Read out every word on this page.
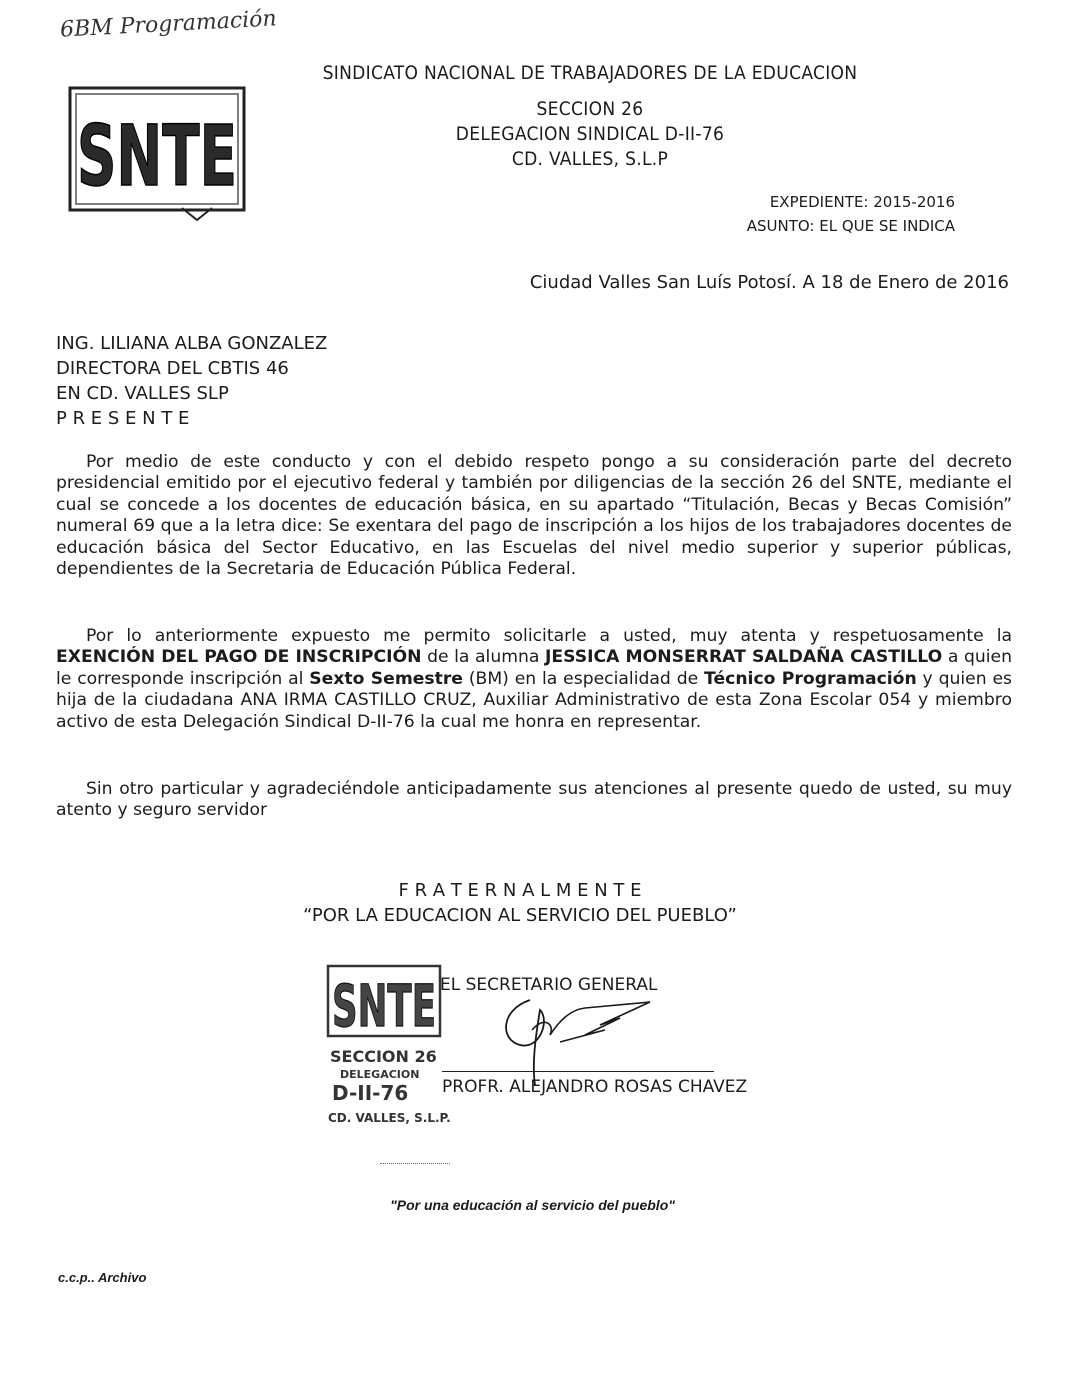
6BM Programación
SNTE
SINDICATO NACIONAL DE TRABAJADORES DE LA EDUCACION
SECCION 26
DELEGACION SINDICAL D-II-76
CD. VALLES, S.L.P
EXPEDIENTE: 2015-2016
ASUNTO: EL QUE SE INDICA
Ciudad Valles San Luís Potosí. A 18 de Enero de 2016
ING. LILIANA ALBA GONZALEZ
DIRECTORA DEL CBTIS 46
EN CD. VALLES SLP
P R E S E N T E
Por medio de este conducto y con el debido respeto pongo a su consideración parte del decreto presidencial emitido por el ejecutivo federal y también por diligencias de la sección 26 del SNTE, mediante el cual se concede a los docentes de educación básica, en su apartado “Titulación, Becas y Becas Comisión” numeral 69 que a la letra dice: Se exentara del pago de inscripción a los hijos de los trabajadores docentes de educación básica del Sector Educativo, en las Escuelas del nivel medio superior y superior públicas, dependientes de la Secretaria de Educación Pública Federal.
Por lo anteriormente expuesto me permito solicitarle a usted, muy atenta y respetuosamente la EXENCIÓN DEL PAGO DE INSCRIPCIÓN de la alumna JESSICA MONSERRAT SALDAÑA CASTILLO a quien le corresponde inscripción al Sexto Semestre (BM) en la especialidad de Técnico Programación y quien es hija de la ciudadana ANA IRMA CASTILLO CRUZ, Auxiliar Administrativo de esta Zona Escolar 054 y miembro activo de esta Delegación Sindical D-II-76 la cual me honra en representar.
Sin otro particular y agradeciéndole anticipadamente sus atenciones al presente quedo de usted, su muy atento y seguro servidor
F R A T E R N A L M E N T E
“POR LA EDUCACION AL SERVICIO DEL PUEBLO”
SNTE
SECCION 26
DELEGACION
D-II-76
CD. VALLES, S.L.P.
EL SECRETARIO GENERAL
PROFR. ALEJANDRO ROSAS CHAVEZ
"Por una educación al servicio del pueblo"
c.c.p.. Archivo
